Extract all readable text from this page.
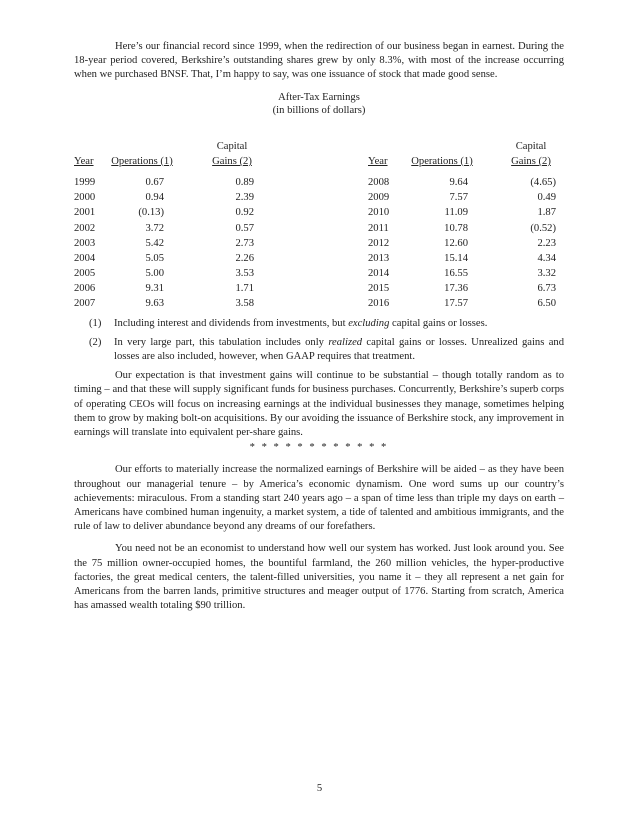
Here’s our financial record since 1999, when the redirection of our business began in earnest. During the 18-year period covered, Berkshire’s outstanding shares grew by only 8.3%, with most of the increase occurring when we purchased BNSF. That, I’m happy to say, was one issuance of stock that made good sense.

After-Tax Earnings

(in billions of dollars)

Capital
Year	Operations (1)	Gains (2)
1999	0.67	0.89
2000	0.94	2.39
2001	(0.13)	0.92
2002	3.72	0.57
2003	5.42	2.73
2004	5.05	2.26
2005	5.00	3.53
2006	9.31	1.71
2007	9.63	3.58
Capital
Year	Operations (1)	Gains (2)
2008	9.64	(4.65)
2009	7.57	0.49
2010	11.09	1.87
2011	10.78	(0.52)
2012	12.60	2.23
2013	15.14	4.34
2014	16.55	3.32
2015	17.36	6.73
2016	17.57	6.50
(1) Including interest and dividends from investments, but excluding capital gains or losses.
(2) In very large part, this tabulation includes only realized capital gains or losses. Unrealized gains and losses are also included, however, when GAAP requires that treatment.

Our expectation is that investment gains will continue to be substantial – though totally random as to timing – and that these will supply significant funds for business purchases. Concurrently, Berkshire’s superb corps of operating CEOs will focus on increasing earnings at the individual businesses they manage, sometimes helping them to grow by making bolt-on acquisitions. By our avoiding the issuance of Berkshire stock, any improvement in earnings will translate into equivalent per-share gains.

* * * * * * * * * * * *

Our efforts to materially increase the normalized earnings of Berkshire will be aided – as they have been throughout our managerial tenure – by America’s economic dynamism. One word sums up our country’s achievements: miraculous. From a standing start 240 years ago – a span of time less than triple my days on earth – Americans have combined human ingenuity, a market system, a tide of talented and ambitious immigrants, and the rule of law to deliver abundance beyond any dreams of our forefathers.

You need not be an economist to understand how well our system has worked. Just look around you. See the 75 million owner-occupied homes, the bountiful farmland, the 260 million vehicles, the hyper-productive factories, the great medical centers, the talent-filled universities, you name it – they all represent a net gain for Americans from the barren lands, primitive structures and meager output of 1776. Starting from scratch, America has amassed wealth totaling $90 trillion.

5
